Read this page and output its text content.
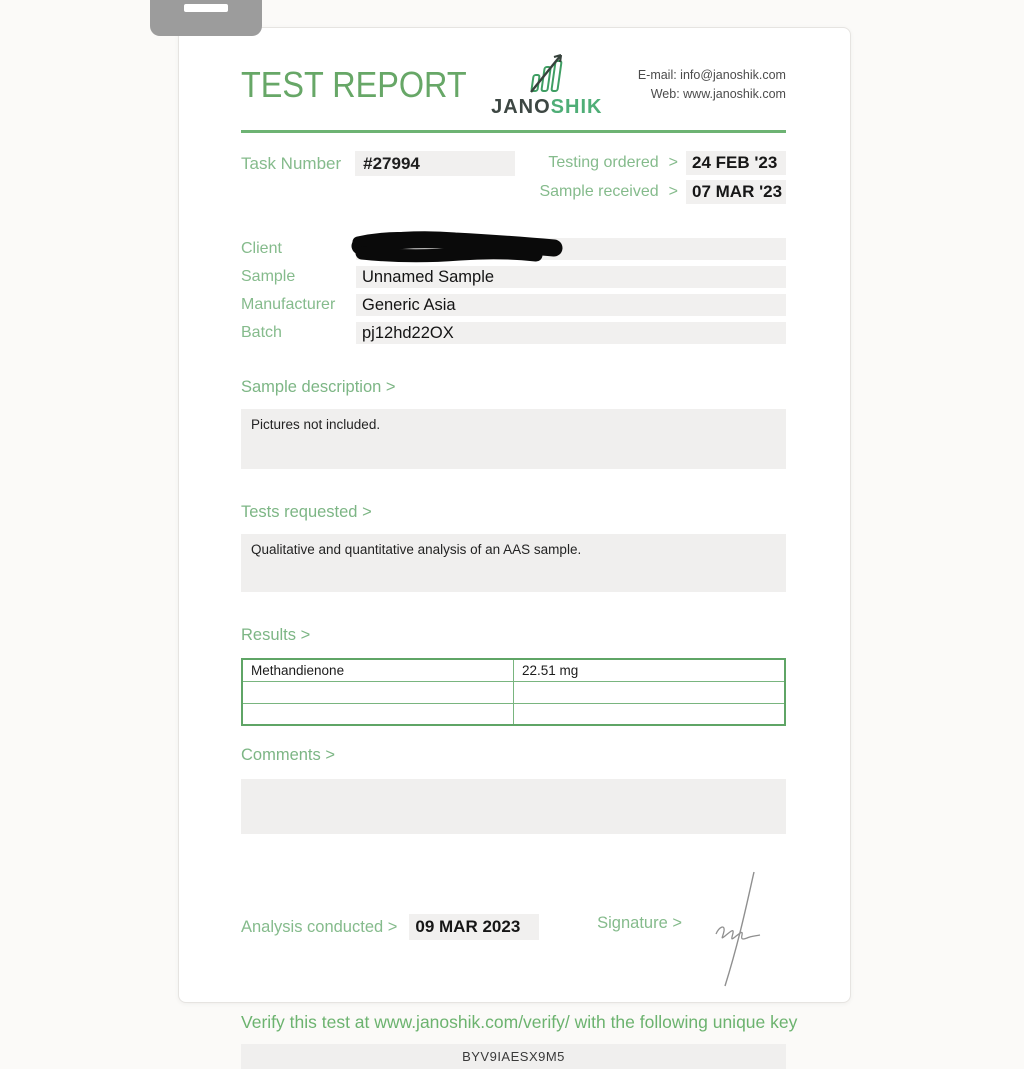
TEST REPORT
JANOSHIK
E-mail: info@janoshik.com
Web: www.janoshik.com
Task Number	#27994	Testing ordered > 24 FEB '23
Sample received > 07 MAR '23
Client
Sample	Unnamed Sample
Manufacturer	Generic Asia
Batch	pj12hd22OX
Sample description >
Pictures not included.
Tests requested >
Qualitative and quantitative analysis of an AAS sample.
Results >
Methandienone	22.51 mg

Comments >
Analysis conducted >	09 MAR 2023	Signature >
Verify this test at www.janoshik.com/verify/ with the following unique key
BYV9IAESX9M5
